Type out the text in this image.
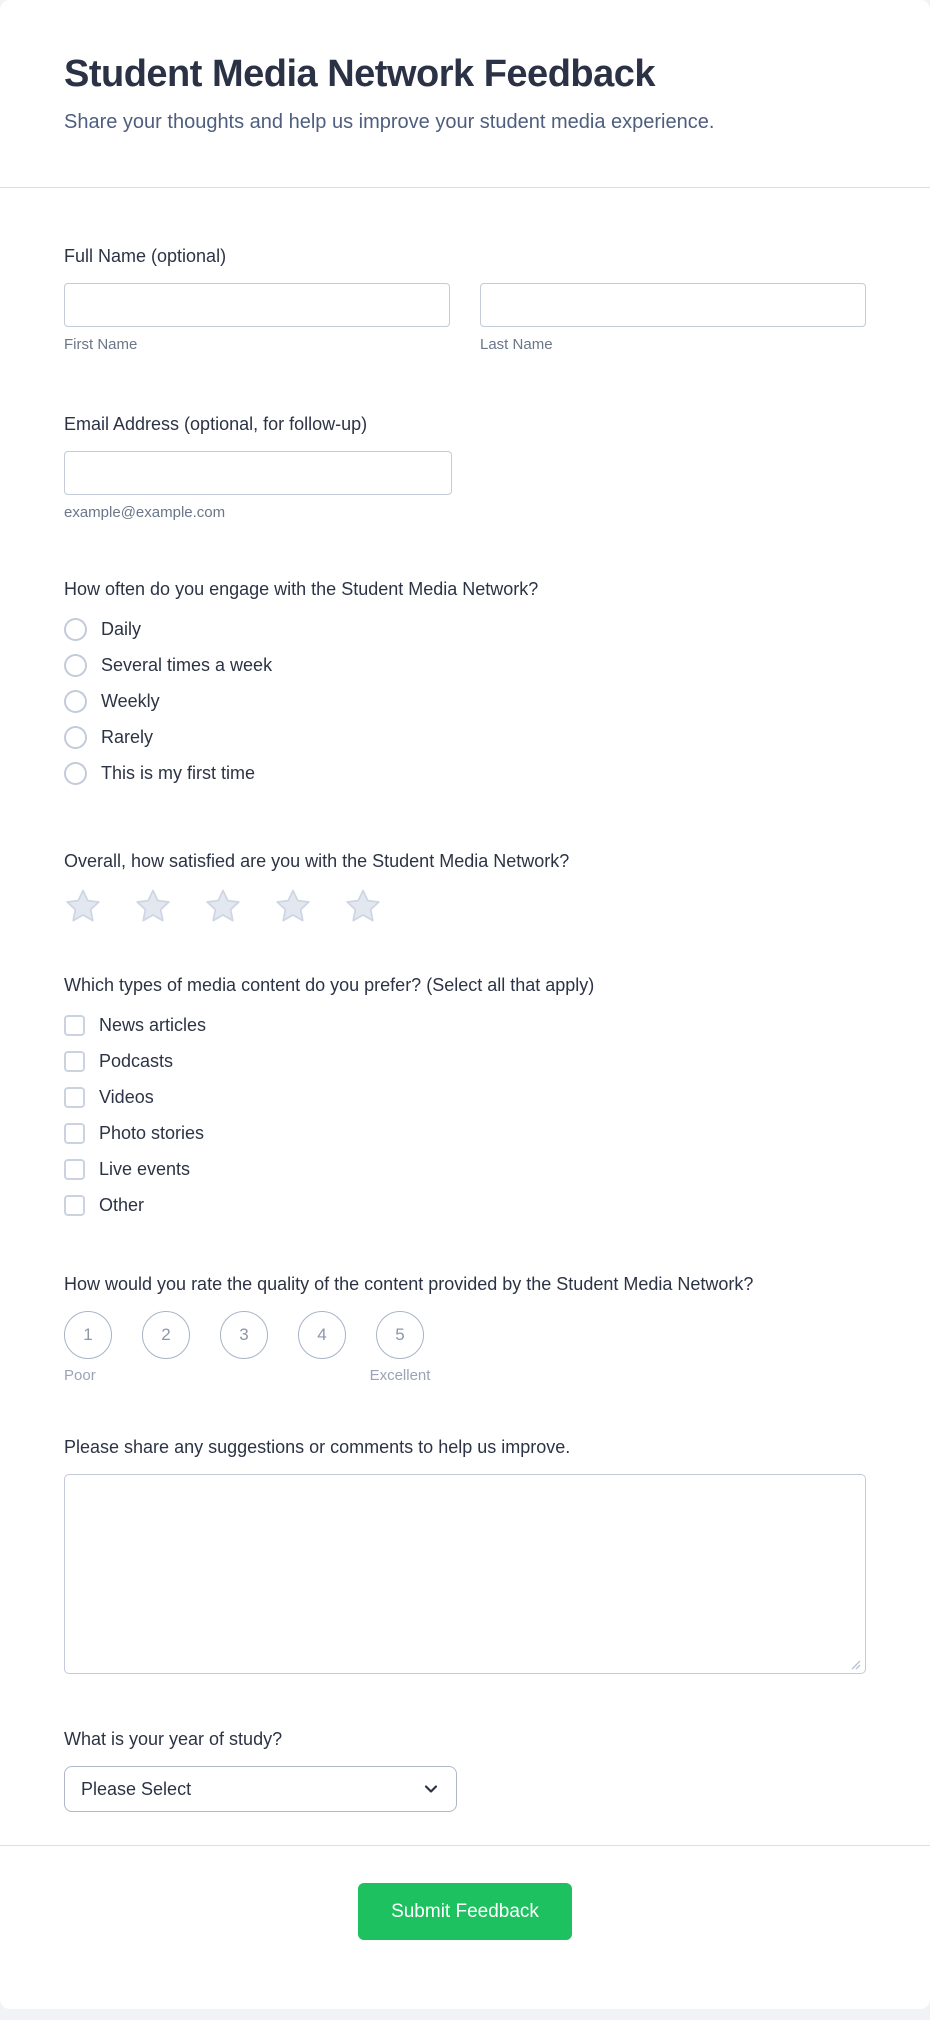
Student Media Network Feedback

Share your thoughts and help us improve your student media experience.

Full Name (optional)
First Name	Last Name
Email Address (optional, for follow-up)
example@example.com
How often do you engage with the Student Media Network?
Daily
Several times a week
Weekly
Rarely
This is my first time
Overall, how satisfied are you with the Student Media Network?
Which types of media content do you prefer? (Select all that apply)
News articles
Podcasts
Videos
Photo stories
Live events
Other
How would you rate the quality of the content provided by the Student Media Network?
1	2	3	4	5
Poor	Excellent
Please share any suggestions or comments to help us improve.
What is your year of study?
Please Select
Submit Feedback
